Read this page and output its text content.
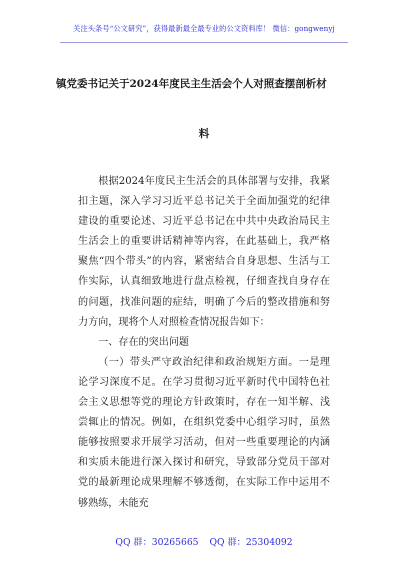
关注头条号“公文研究”，获得最新最全最专业的公文资料库！ 微信：gongwenyj
镇党委书记关于2024年度民主生活会个人对照查摆剖析材
料

根据2024年度民主生活会的具体部署与安排，我紧扣主题，深入学习习近平总书记关于全面加强党的纪律建设的重要论述、习近平总书记在中共中央政治局民主生活会上的重要讲话精神等内容，在此基础上，我严格聚焦“四个带头”的内容，紧密结合自身思想、生活与工作实际，认真细致地进行盘点检视，仔细查找自身存在的问题，找准问题的症结，明确了今后的整改措施和努力方向，现将个人对照检查情况报告如下：

一、存在的突出问题

（一）带头严守政治纪律和政治规矩方面。一是理论学习深度不足。在学习贯彻习近平新时代中国特色社会主义思想等党的理论方针政策时，存在一知半解、浅尝辄止的情况。例如，在组织党委中心组学习时，虽然能够按照要求开展学习活动，但对一些重要理论的内涵和实质未能进行深入探讨和研究，导致部分党员干部对党的最新理论成果理解不够透彻，在实际工作中运用不够熟练，未能充

QQ 群：30265665 QQ 群：25304092
